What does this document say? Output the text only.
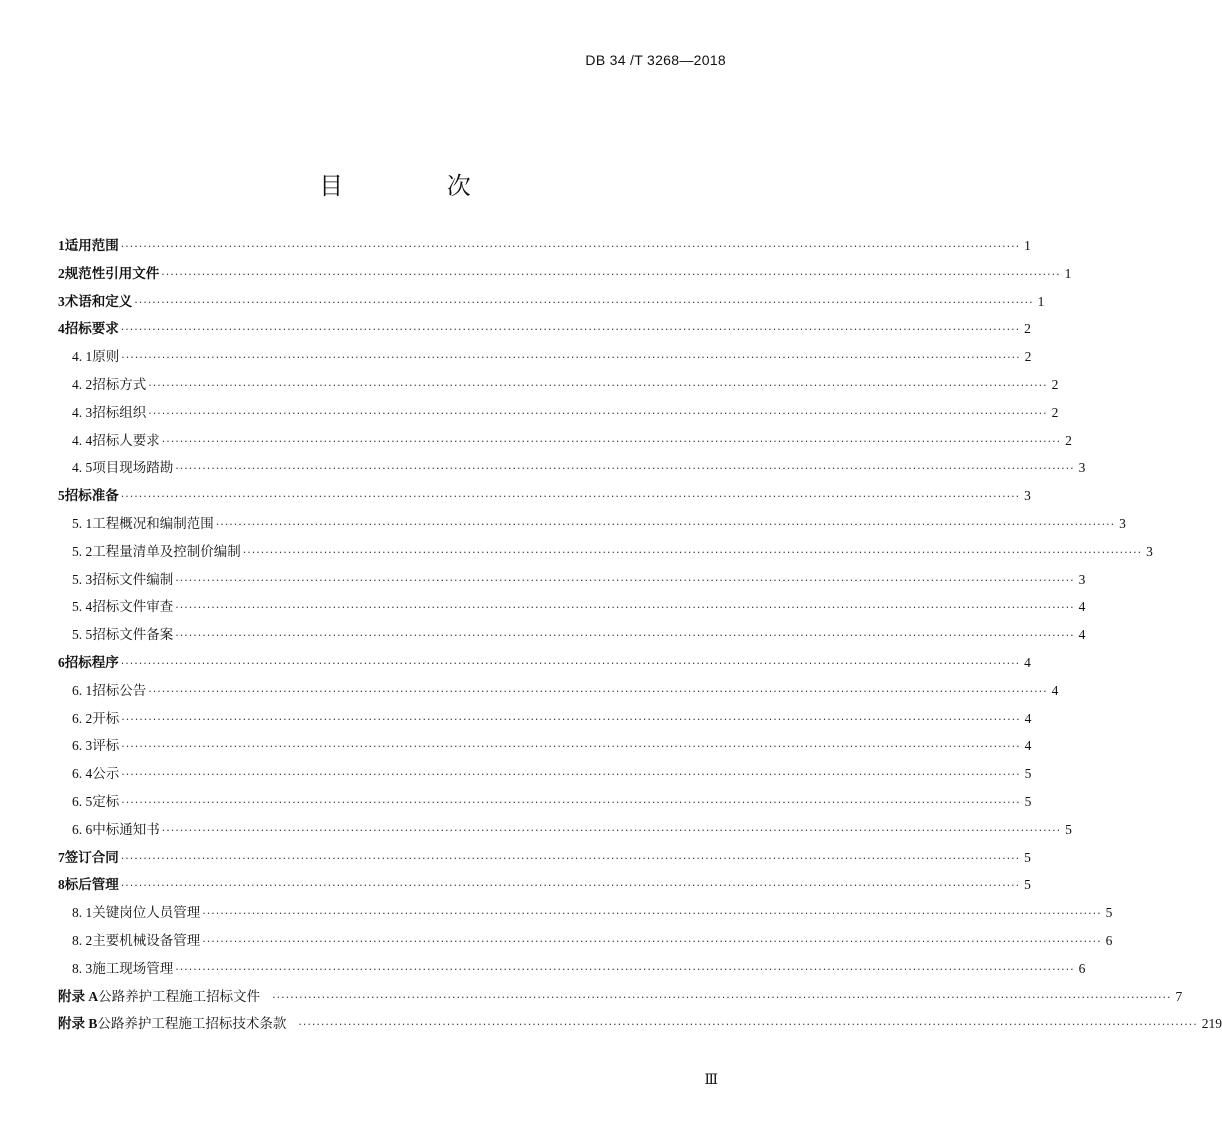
DB 34 /T 3268—2018
目 次
1 适用范围 ········································································································································································································ 1
2 规范性引用文件 ········································································································································································································ 1
3 术语和定义 ········································································································································································································ 1
4 招标要求 ········································································································································································································ 2
4. 1 原则 ········································································································································································································ 2
4. 2 招标方式 ········································································································································································································ 2
4. 3 招标组织 ········································································································································································································ 2
4. 4 招标人要求 ········································································································································································································ 2
4. 5 项目现场踏勘 ········································································································································································································ 3
5 招标准备 ········································································································································································································ 3
5. 1 工程概况和编制范围 ········································································································································································································ 3
5. 2 工程量清单及控制价编制 ········································································································································································································ 3
5. 3 招标文件编制 ········································································································································································································ 3
5. 4 招标文件审查 ········································································································································································································ 4
5. 5 招标文件备案 ········································································································································································································ 4
6 招标程序 ········································································································································································································ 4
6. 1 招标公告 ········································································································································································································ 4
6. 2 开标 ········································································································································································································ 4
6. 3 评标 ········································································································································································································ 4
6. 4 公示 ········································································································································································································ 5
6. 5 定标 ········································································································································································································ 5
6. 6 中标通知书 ········································································································································································································ 5
7 签订合同 ········································································································································································································ 5
8 标后管理 ········································································································································································································ 5
8. 1 关键岗位人员管理 ········································································································································································································ 5
8. 2 主要机械设备管理 ········································································································································································································ 6
8. 3 施工现场管理 ········································································································································································································ 6
附录 A 公路养护工程施工招标文件	········································································································································································································ 7
附录 B 公路养护工程施工招标技术条款	········································································································································································································ 219
Ⅲ
